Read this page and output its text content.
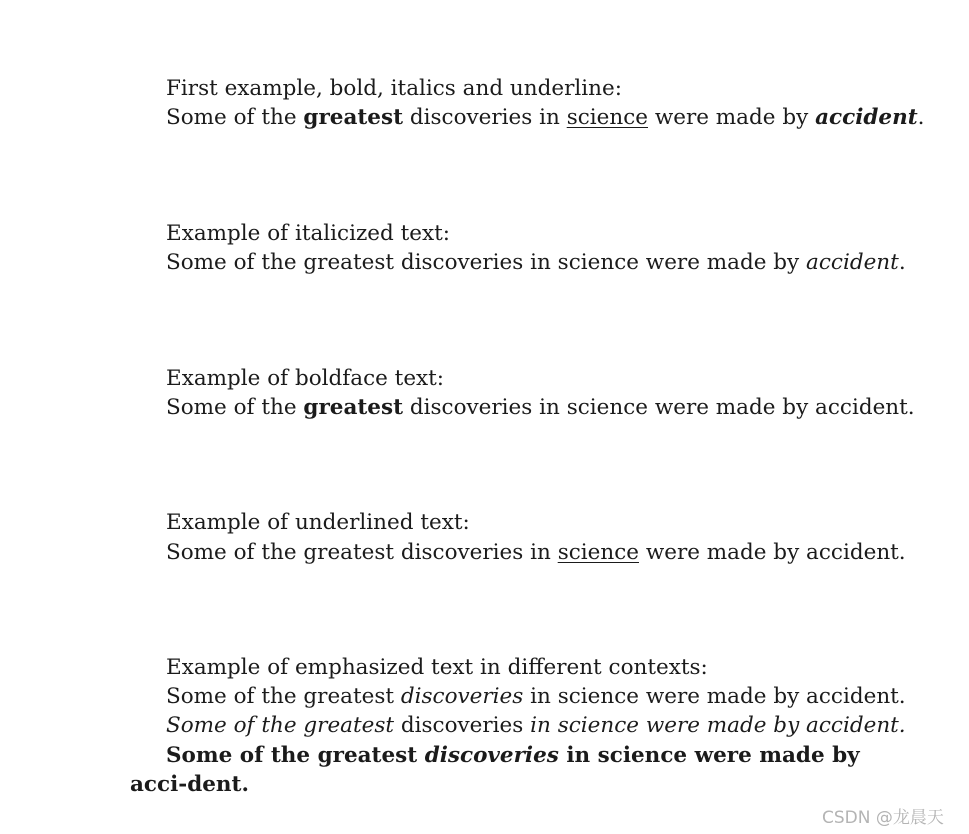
First example, bold, italics and underline:
Some of the greatest discoveries in science were made by accident.
Example of italicized text:
Some of the greatest discoveries in science were made by accident.
Example of boldface text:
Some of the greatest discoveries in science were made by accident.
Example of underlined text:
Some of the greatest discoveries in science were made by accident.
Example of emphasized text in different contexts:
Some of the greatest discoveries in science were made by accident.
Some of the greatest discoveries in science were made by accident.
Some of the greatest discoveries in science were made by acci-dent.
CSDN @龙晨天
